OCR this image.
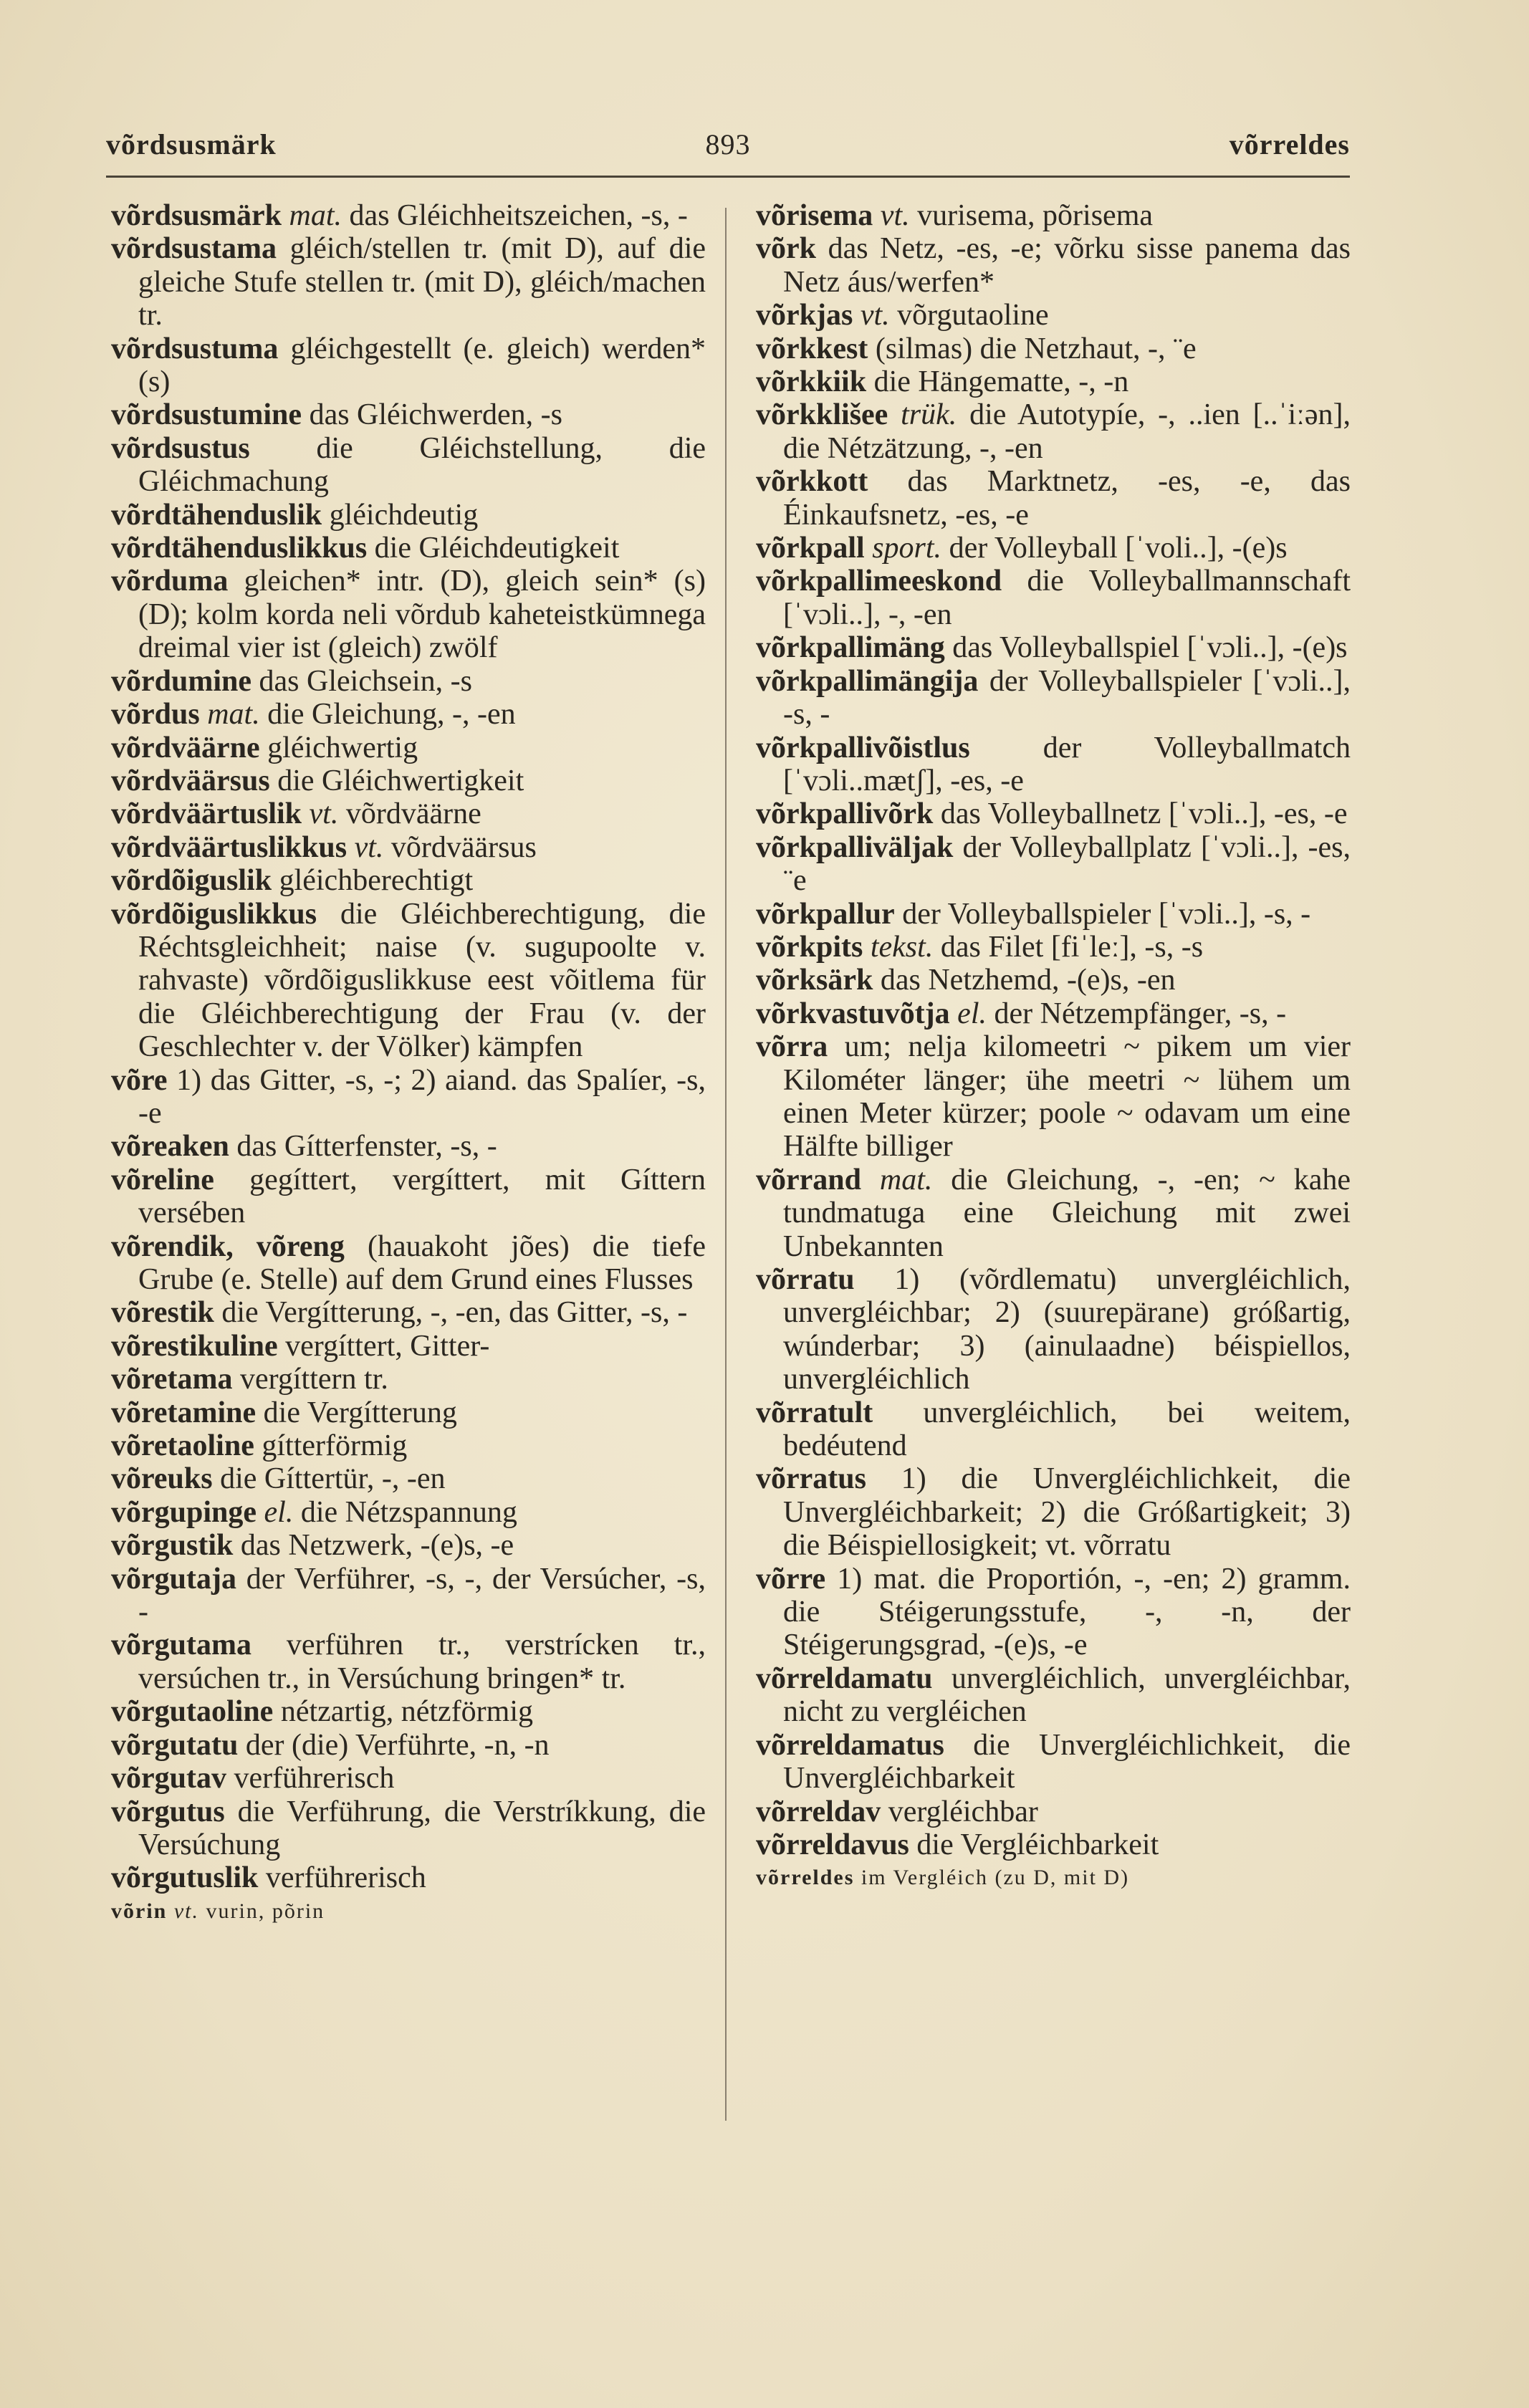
võrdsusmärk	893	võrreldes

võrdsusmärk mat. das Gléichheitszeichen, -s, -

võrdsustama gléich/stellen tr. (mit D), auf die gleiche Stufe stellen tr. (mit D), gléich/machen tr.

võrdsustuma gléichgestellt (e. gleich) werden* (s)

võrdsustumine das Gléichwerden, -s

võrdsustus die Gléichstellung, die Gléichmachung

võrdtähenduslik gléichdeutig

võrdtähenduslikkus die Gléichdeutigkeit

võrduma gleichen* intr. (D), gleich sein* (s) (D); kolm korda neli võrdub kaheteistkümnega dreimal vier ist (gleich) zwölf

võrdumine das Gleichsein, -s

võrdus mat. die Gleichung, -, -en

võrdväärne gléichwertig

võrdväärsus die Gléichwertigkeit

võrdväärtuslik vt. võrdväärne

võrdväärtuslikkus vt. võrdväärsus

võrdõiguslik gléichberechtigt

võrdõiguslikkus die Gléichberechtigung, die Réchtsgleichheit; naise (v. sugupoolte v. rahvaste) võrdõiguslikkuse eest võitlema für die Gléichberechtigung der Frau (v. der Geschlechter v. der Völker) kämpfen

võre 1) das Gitter, -s, -; 2) aiand. das Spalíer, -s, -e

võreaken das Gítterfenster, -s, -

võreline gegíttert, vergíttert, mit Gíttern versében

võrendik, võreng (hauakoht jões) die tiefe Grube (e. Stelle) auf dem Grund eines Flusses

võrestik die Vergítterung, -, -en, das Gitter, -s, -

võrestikuline vergíttert, Gitter-

võretama vergíttern tr.

võretamine die Vergítterung

võretaoline gítterförmig

võreuks die Gíttertür, -, -en

võrgupinge el. die Nétzspannung

võrgustik das Netzwerk, -(e)s, -e

võrgutaja der Verführer, -s, -, der Versúcher, -s, -

võrgutama verführen tr., verstrícken tr., versúchen tr., in Versúchung bringen* tr.

võrgutaoline nétzartig, nétzförmig

võrgutatu der (die) Verführte, -n, -n

võrgutav verführerisch

võrgutus die Verführung, die Verstríkkung, die Versúchung

võrgutuslik verführerisch

võrin vt. vurin, põrin

võrisema vt. vurisema, põrisema

võrk das Netz, -es, -e; võrku sisse panema das Netz áus/werfen*

võrkjas vt. võrgutaoline

võrkkest (silmas) die Netzhaut, -, ¨e

võrkkiik die Hängematte, -, -n

võrkklišee trük. die Autotypíe, -, ..ien [..ˈiːən], die Nétzätzung, -, -en

võrkkott das Marktnetz, -es, -e, das Éinkaufsnetz, -es, -e

võrkpall sport. der Volleyball [ˈvoli..], -(e)s

võrkpallimeeskond die Volleyballmannschaft [ˈvɔli..], -, -en

võrkpallimäng das Volleyballspiel [ˈvɔli..], -(e)s

võrkpallimängija der Volleyballspieler [ˈvɔli..], -s, -

võrkpallivõistlus der Volleyballmatch [ˈvɔli..mætʃ], -es, -e

võrkpallivõrk das Volleyballnetz [ˈvɔli..], -es, -e

võrkpalliväljak der Volleyballplatz [ˈvɔli..], -es, ¨e

võrkpallur der Volleyballspieler [ˈvɔli..], -s, -

võrkpits tekst. das Filet [fiˈleː], -s, -s

võrksärk das Netzhemd, -(e)s, -en

võrkvastuvõtja el. der Nétzempfänger, -s, -

võrra um; nelja kilomeetri ~ pikem um vier Kilométer länger; ühe meetri ~ lühem um einen Meter kürzer; poole ~ odavam um eine Hälfte billiger

võrrand mat. die Gleichung, -, -en; ~ kahe tundmatuga eine Gleichung mit zwei Unbekannten

võrratu 1) (võrdlematu) unvergléichlich, unvergléichbar; 2) (suurepärane) gróßartig, wúnderbar; 3) (ainulaadne) béispiellos, unvergléichlich

võrratult unvergléichlich, bei weitem, bedéutend

võrratus 1) die Unvergléichlichkeit, die Unvergléichbarkeit; 2) die Gróßartigkeit; 3) die Béispiellosigkeit; vt. võrratu

võrre 1) mat. die Proportión, -, -en; 2) gramm. die Stéigerungsstufe, -, -n, der Stéigerungsgrad, -(e)s, -e

võrreldamatu unvergléichlich, unvergléichbar, nicht zu vergléichen

võrreldamatus die Unvergléichlichkeit, die Unvergléichbarkeit

võrreldav vergléichbar

võrreldavus die Vergléichbarkeit

võrreldes im Vergléich (zu D, mit D)
